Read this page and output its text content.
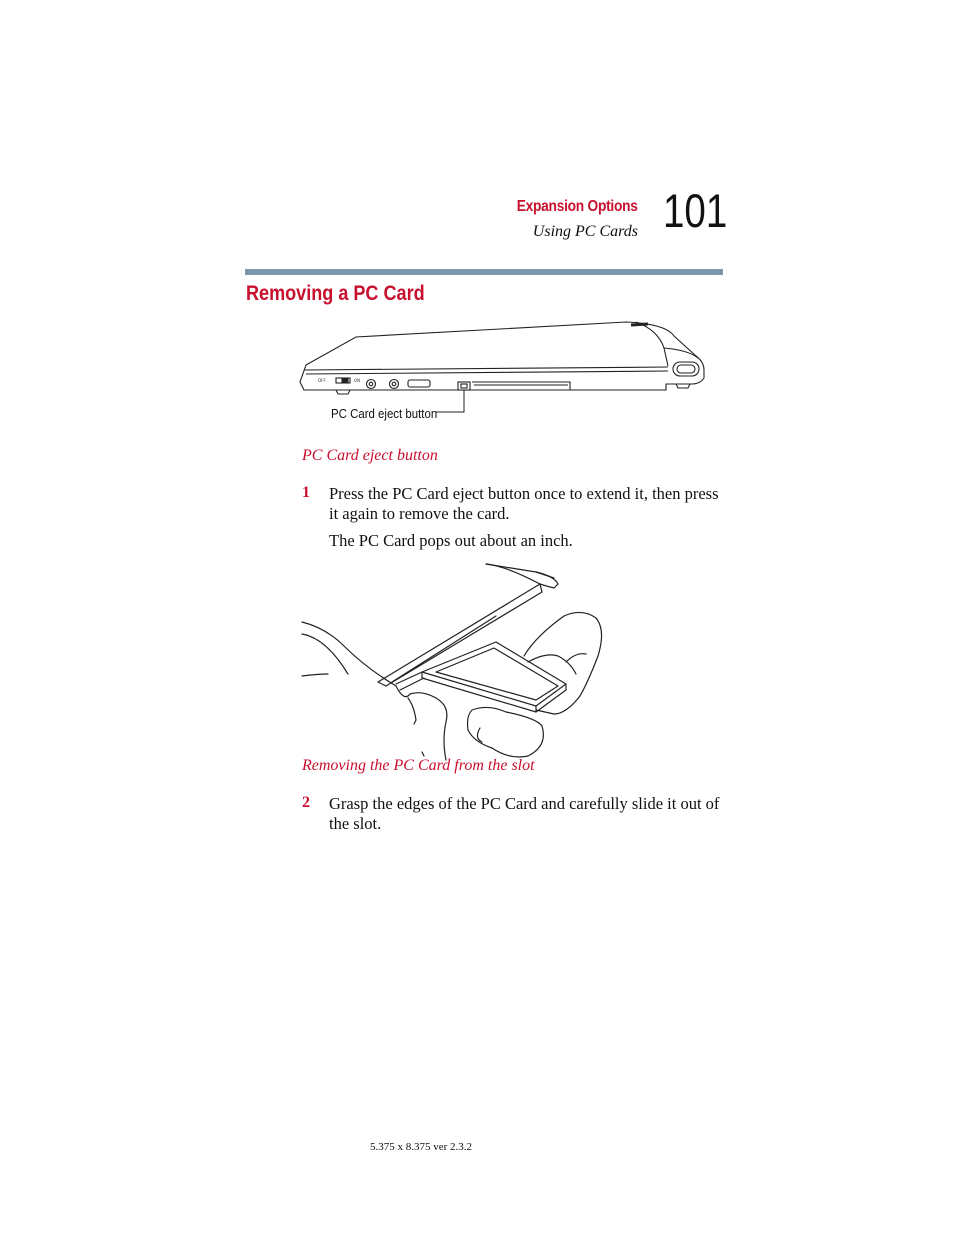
Expansion Options
Using PC Cards 101
Removing a PC Card
OFF	ON
PC Card eject button
PC Card eject button
1 Press the PC Card eject button once to extend it, then press it again to remove the card.
The PC Card pops out about an inch.
Removing the PC Card from the slot
2 Grasp the edges of the PC Card and carefully slide it out of the slot.
5.375 x 8.375 ver 2.3.2
